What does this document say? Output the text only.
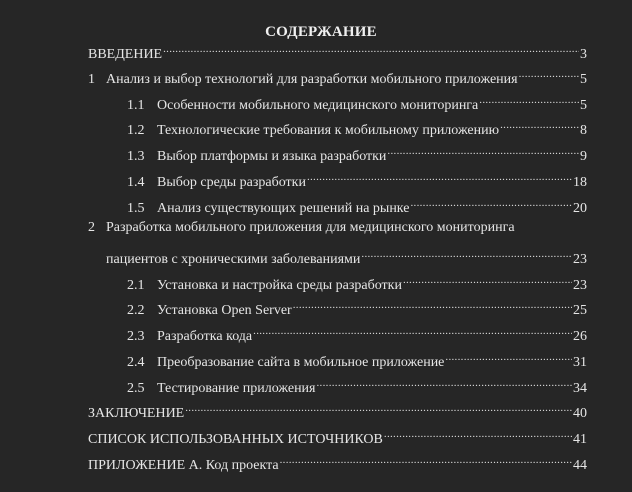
СОДЕРЖАНИЕ
ВВЕДЕНИЕ .....	3
1 Анализ и выбор технологий для разработки мобильного приложения .....	5
1.1 Особенности мобильного медицинского мониторинга .....	5
1.2 Технологические требования к мобильному приложению .....	8
1.3 Выбор платформы и языка разработки .....	9
1.4 Выбор среды разработки .....	18
1.5 Анализ существующих решений на рынке .....	20
2 Разработка мобильного приложения для медицинского мониторинга
пациентов с хроническими заболеваниями .....	23
2.1 Установка и настройка среды разработки .....	23
2.2 Установка Open Server .....	25
2.3 Разработка кода .....	26
2.4 Преобразование сайта в мобильное приложение .....	31
2.5 Тестирование приложения .....	34
ЗАКЛЮЧЕНИЕ .....	40
СПИСОК ИСПОЛЬЗОВАННЫХ ИСТОЧНИКОВ .....	41
ПРИЛОЖЕНИЕ А. Код проекта .....	44
